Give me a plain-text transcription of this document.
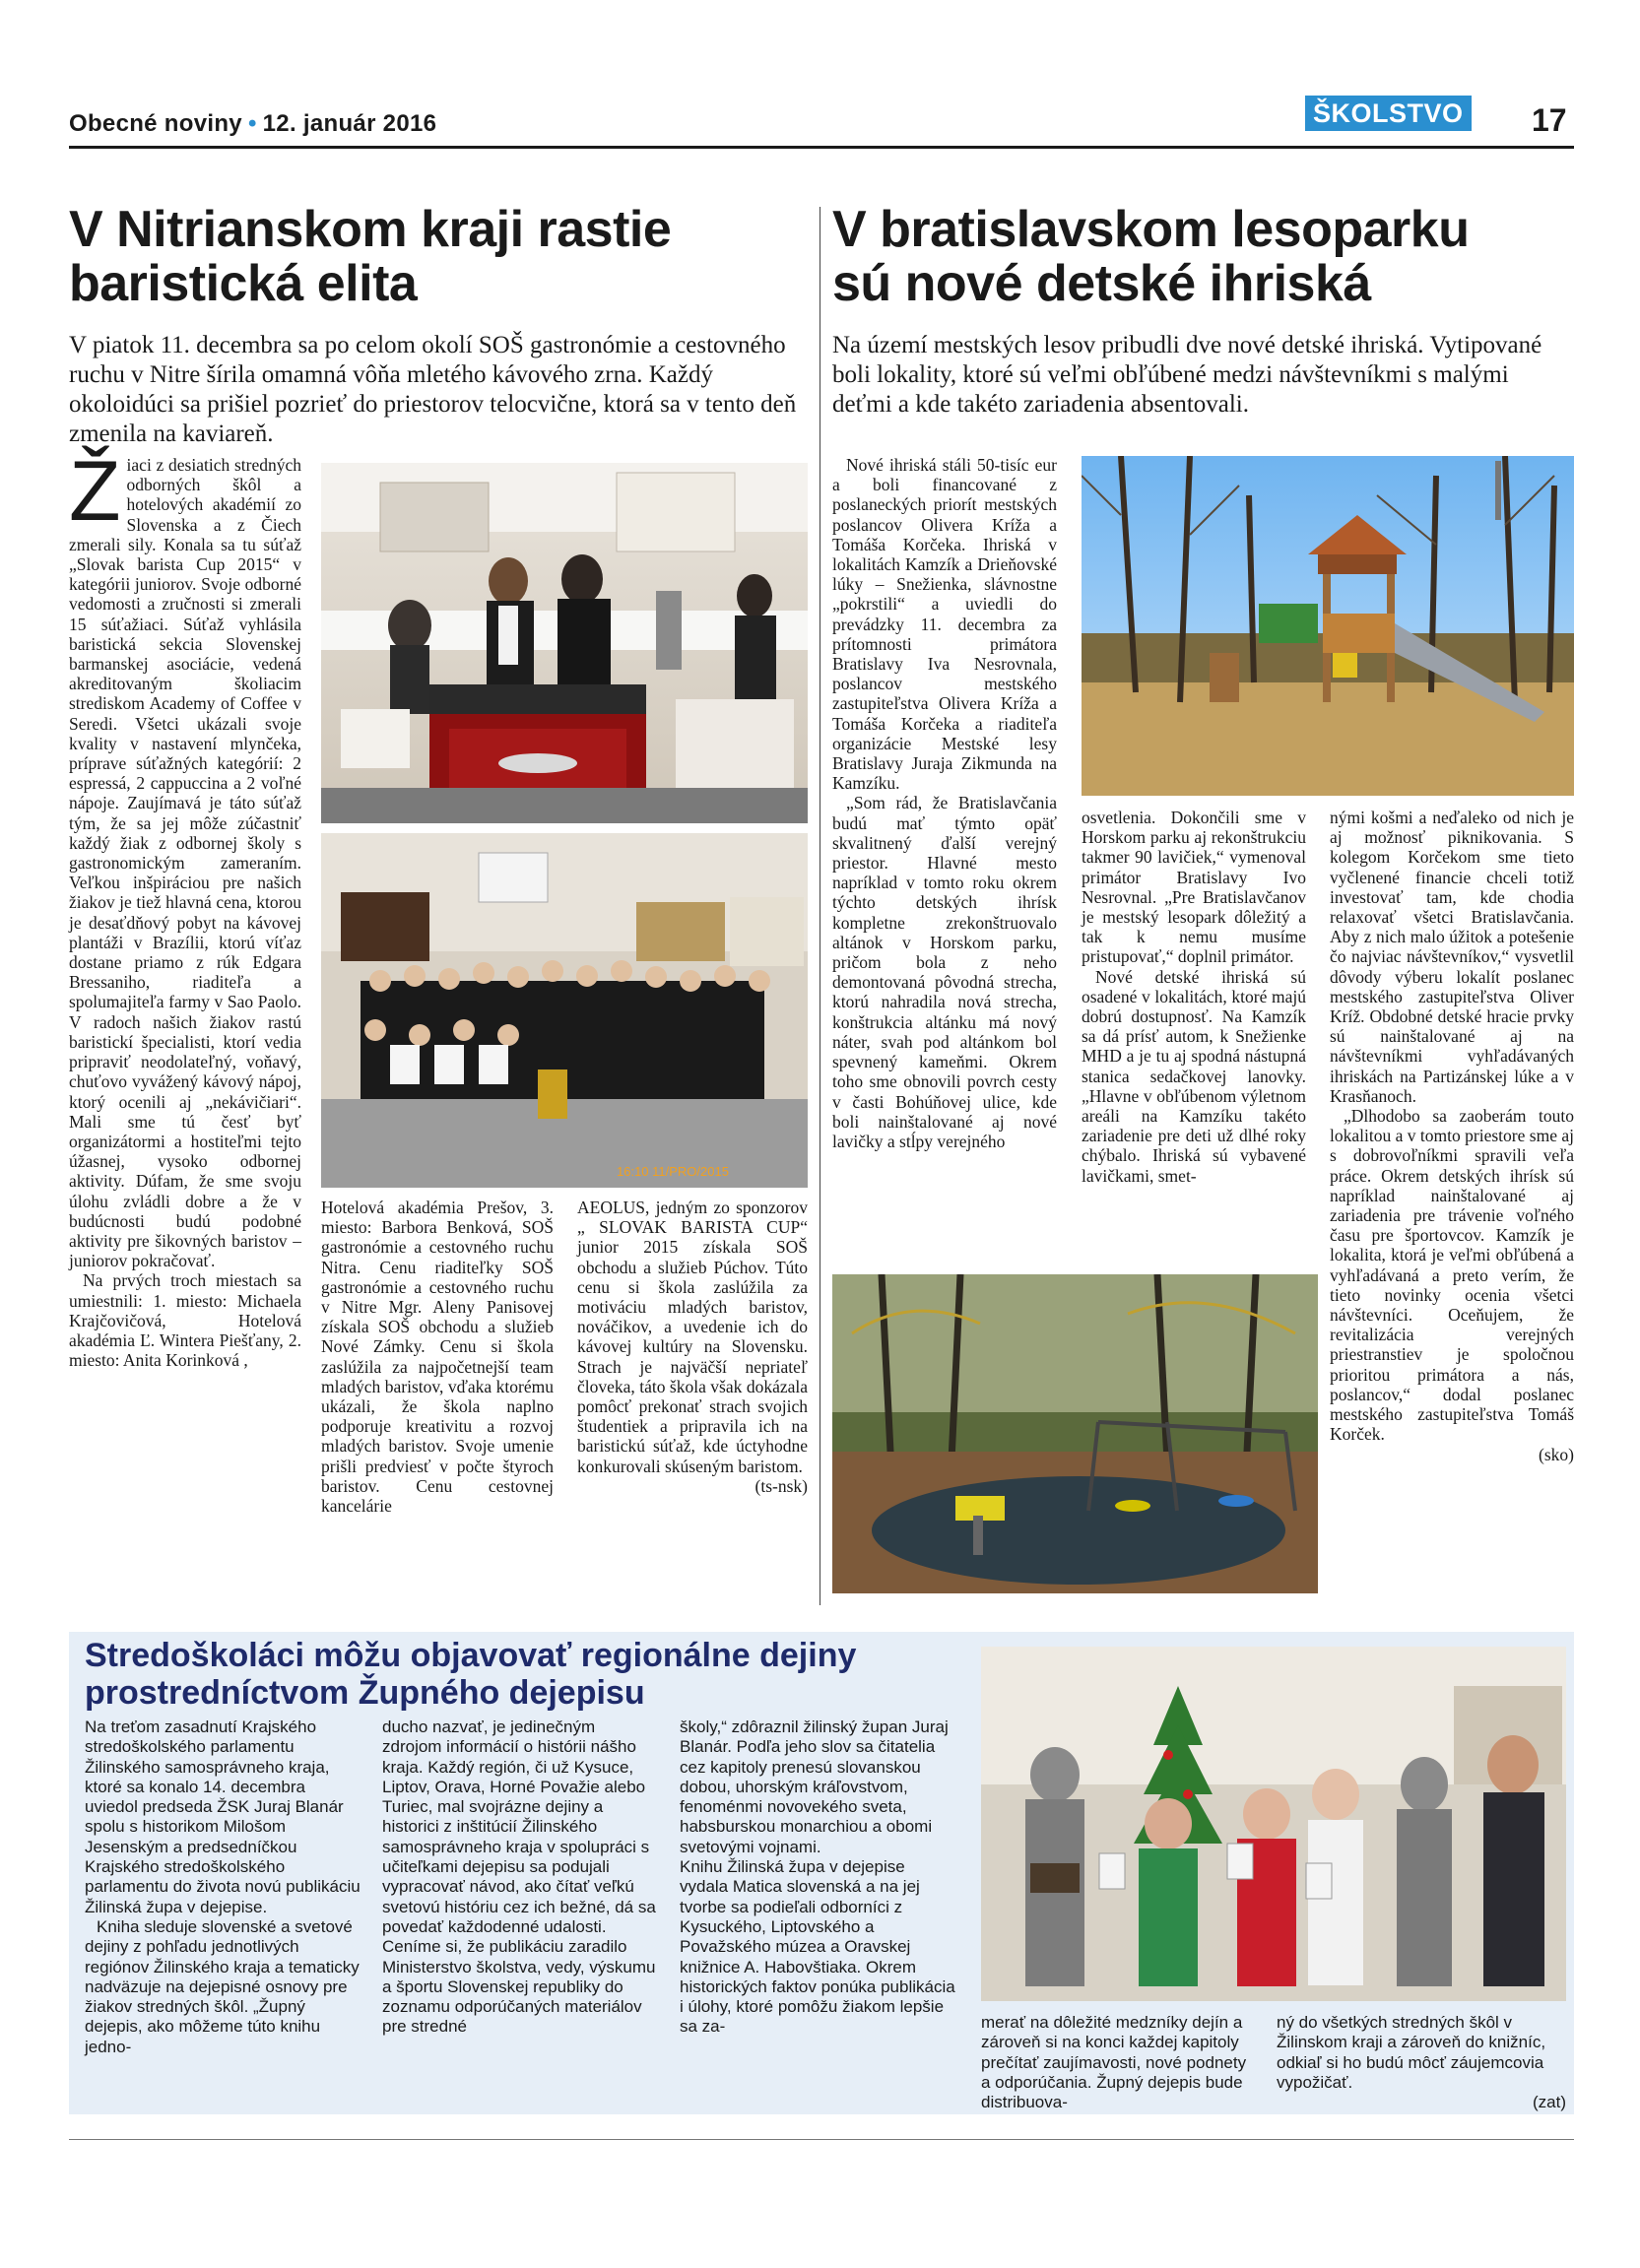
Obecné noviny • 12. január 2016	ŠKOLSTVO 17
V Nitrianskom kraji rastie
baristická elita
V piatok 11. decembra sa po celom okolí SOŠ gastronómie a cestovného ruchu v Nitre šírila omamná vôňa mletého kávového zrna. Každý okoloidúci sa prišiel pozrieť do priestorov telocvične, ktorá sa v tento deň zmenila na kaviareň.

Žiaci z desiatich stredných odborných škôl a hotelových akadémií zo Slovenska a z Čiech zmerali sily. Konala sa tu súťaž „Slovak barista Cup 2015“ v kategórii juniorov. Svoje odborné vedomosti a zručnosti si zmerali 15 súťažiaci. Súťaž vyhlásila baristická sekcia Slovenskej barmanskej asociácie, vedená akreditovaným školiacim strediskom Academy of Coffee v Seredi. Všetci ukázali svoje kvality v nastavení mlynčeka, príprave súťažných kategórií: 2 espressá, 2 cappuccina a 2 voľné nápoje. Zaujímavá je táto súťaž tým, že sa jej môže zúčastniť každý žiak z odbornej školy s gastronomickým zameraním. Veľkou inšpiráciou pre našich žiakov je tiež hlavná cena, ktorou je desaťdňový pobyt na kávovej plantáži v Brazílii, ktorú víťaz dostane priamo z rúk Edgara Bressaniho, riaditeľa a spolumajiteľa farmy v Sao Paolo. V radoch našich žiakov rastú baristickí špecialisti, ktorí vedia pripraviť neodolateľný, voňavý, chuťovo vyvážený kávový nápoj, ktorý ocenili aj „nekávičiari“. Mali sme tú česť byť organizátormi a hostiteľmi tejto úžasnej, vysoko odbornej aktivity. Dúfam, že sme svoju úlohu zvládli dobre a že v budúcnosti budú podobné aktivity pre šikovných baristov – juniorov pokračovať.

Na prvých troch miestach sa umiestnili: 1. miesto: Michaela Krajčovičová, Hotelová akadémia Ľ. Wintera Piešťany, 2. miesto: Anita Korinková ,

16:10 11/PRO/2015
Hotelová akadémia Prešov, 3. miesto: Barbora Benková, SOŠ gastronómie a cestovného ruchu Nitra. Cenu riaditeľky SOŠ gastronómie a cestovného ruchu v Nitre Mgr. Aleny Panisovej získala SOŠ obchodu a služieb Nové Zámky. Cenu si škola zaslúžila za najpočetnejší team mladých baristov, vďaka ktorému ukázali, že škola naplno podporuje kreativitu a rozvoj mladých baristov. Svoje umenie prišli predviesť v počte štyroch baristov. Cenu cestovnej kancelárie

AEOLUS, jedným zo sponzorov „ SLOVAK BARISTA CUP“ junior 2015 získala SOŠ obchodu a služieb Púchov. Túto cenu si škola zaslúžila za motiváciu mladých baristov, nováčikov, a uvedenie ich do kávovej kultúry na Slovensku. Strach je najväčší nepriateľ človeka, táto škola však dokázala pomôcť prekonať strach svojich študentiek a pripravila ich na baristickú súťaž, kde úctyhodne konkurovali skúseným baristom.

(ts-nsk)

V bratislavskom lesoparku
sú nové detské ihriská
Na území mestských lesov pribudli dve nové detské ihriská. Vytipované boli lokality, ktoré sú veľmi obľúbené medzi návštevníkmi s malými deťmi a kde takéto zariadenia absentovali.

Nové ihriská stáli 50-tisíc eur a boli financované z poslaneckých priorít mestských poslancov Olivera Kríža a Tomáša Korčeka. Ihriská v lokalitách Kamzík a Drieňovské lúky – Snežienka, slávnostne „pokrstili“ a uviedli do prevádzky 11. decembra za prítomnosti primátora Bratislavy Iva Nesrovnala, poslancov mestského zastupiteľstva Olivera Kríža a Tomáša Korčeka a riaditeľa organizácie Mestské lesy Bratislavy Juraja Zikmunda na Kamzíku.

„Som rád, že Bratislavčania budú mať týmto opäť skvalitnený ďalší verejný priestor. Hlavné mesto napríklad v tomto roku okrem týchto detských ihrísk kompletne zrekonštruovalo altánok v Horskom parku, pričom bola z neho demontovaná pôvodná strecha, ktorú nahradila nová strecha, konštrukcia altánku má nový náter, svah pod altánkom bol spevnený kameňmi. Okrem toho sme obnovili povrch cesty v časti Bohúňovej ulice, kde boli nainštalované aj nové lavičky a stĺpy verejného

osvetlenia. Dokončili sme v Horskom parku aj rekonštrukciu takmer 90 lavičiek,“ vymenoval primátor Bratislavy Ivo Nesrovnal. „Pre Bratislavčanov je mestský lesopark dôležitý a tak k nemu musíme pristupovať,“ doplnil primátor.

Nové detské ihriská sú osadené v lokalitách, ktoré majú dobrú dostupnosť. Na Kamzík sa dá prísť autom, k Snežienke MHD a je tu aj spodná nástupná stanica sedačkovej lanovky. „Hlavne v obľúbenom výletnom areáli na Kamzíku takéto zariadenie pre deti už dlhé roky chýbalo. Ihriská sú vybavené lavičkami, smet-

nými košmi a neďaleko od nich je aj možnosť piknikovania. S kolegom Korčekom sme tieto vyčlenené financie chceli totiž investovať tam, kde chodia relaxovať všetci Bratislavčania. Aby z nich malo úžitok a potešenie čo najviac návštevníkov,“ vysvetlil dôvody výberu lokalít poslanec mestského zastupiteľstva Oliver Kríž. Obdobné detské hracie prvky sú nainštalované aj na návštevníkmi vyhľadávaných ihriskách na Partizánskej lúke a v Krasňanoch.

„Dlhodobo sa zaoberám touto lokalitou a v tomto priestore sme aj s dobrovoľníkmi spravili veľa práce. Okrem detských ihrísk sú napríklad nainštalované aj zariadenia pre trávenie voľného času pre športovcov. Kamzík je lokalita, ktorá je veľmi obľúbená a vyhľadávaná a preto verím, že tieto novinky ocenia všetci návštevníci. Oceňujem, že revitalizácia verejných priestranstiev je spoločnou prioritou primátora a nás, poslancov,“ dodal poslanec mestského zastupiteľstva Tomáš Korček.

(sko)

Stredoškoláci môžu objavovať regionálne dejiny
prostredníctvom Župného dejepisu

Na treťom zasadnutí Krajského stredoškolského parlamentu Žilinského samosprávneho kraja, ktoré sa konalo 14. decembra uviedol predseda ŽSK Juraj Blanár spolu s historikom Milošom Jesenským a predsedníčkou Krajského stredoškolského parlamentu do života novú publikáciu Žilinská župa v dejepise.

Kniha sleduje slovenské a svetové dejiny z pohľadu jednotlivých regiónov Žilinského kraja a tematicky nadväzuje na dejepisné osnovy pre žiakov stredných škôl. „Župný dejepis, ako môžeme túto knihu jedno-

ducho nazvať, je jedinečným zdrojom informácií o histórii nášho kraja. Každý región, či už Kysuce, Liptov, Orava, Horné Považie alebo Turiec, mal svojrázne dejiny a historici z inštitúcií Žilinského samosprávneho kraja v spolupráci s učiteľkami dejepisu sa podujali vypracovať návod, ako čítať veľkú svetovú históriu cez ich bežné, dá sa povedať každodenné udalosti. Ceníme si, že publikáciu zaradilo Ministerstvo školstva, vedy, výskumu a športu Slovenskej republiky do zoznamu odporúčaných materiálov pre stredné

školy,“ zdôraznil žilinský župan Juraj Blanár. Podľa jeho slov sa čitatelia cez kapitoly prenesú slovanskou dobou, uhorským kráľovstvom, fenoménmi novovekého sveta, habsburskou monarchiou a obomi svetovými vojnami.

Knihu Žilinská župa v dejepise vydala Matica slovenská a na jej tvorbe sa podieľali odborníci z Kysuckého, Liptovského a Považského múzea a Oravskej knižnice A. Habovštiaka. Okrem historických faktov ponúka publikácia i úlohy, ktoré pomôžu žiakom lepšie sa za-	merať na dôležité medzníky dejín a zároveň si na konci každej kapitoly prečítať zaujímavosti, nové podnety a odporúčania. Župný dejepis bude distribuova-

ný do všetkých stredných škôl v Žilinskom kraji a zároveň do knižníc, odkiaľ si ho budú môcť záujemcovia vypožičať.

(zat)
